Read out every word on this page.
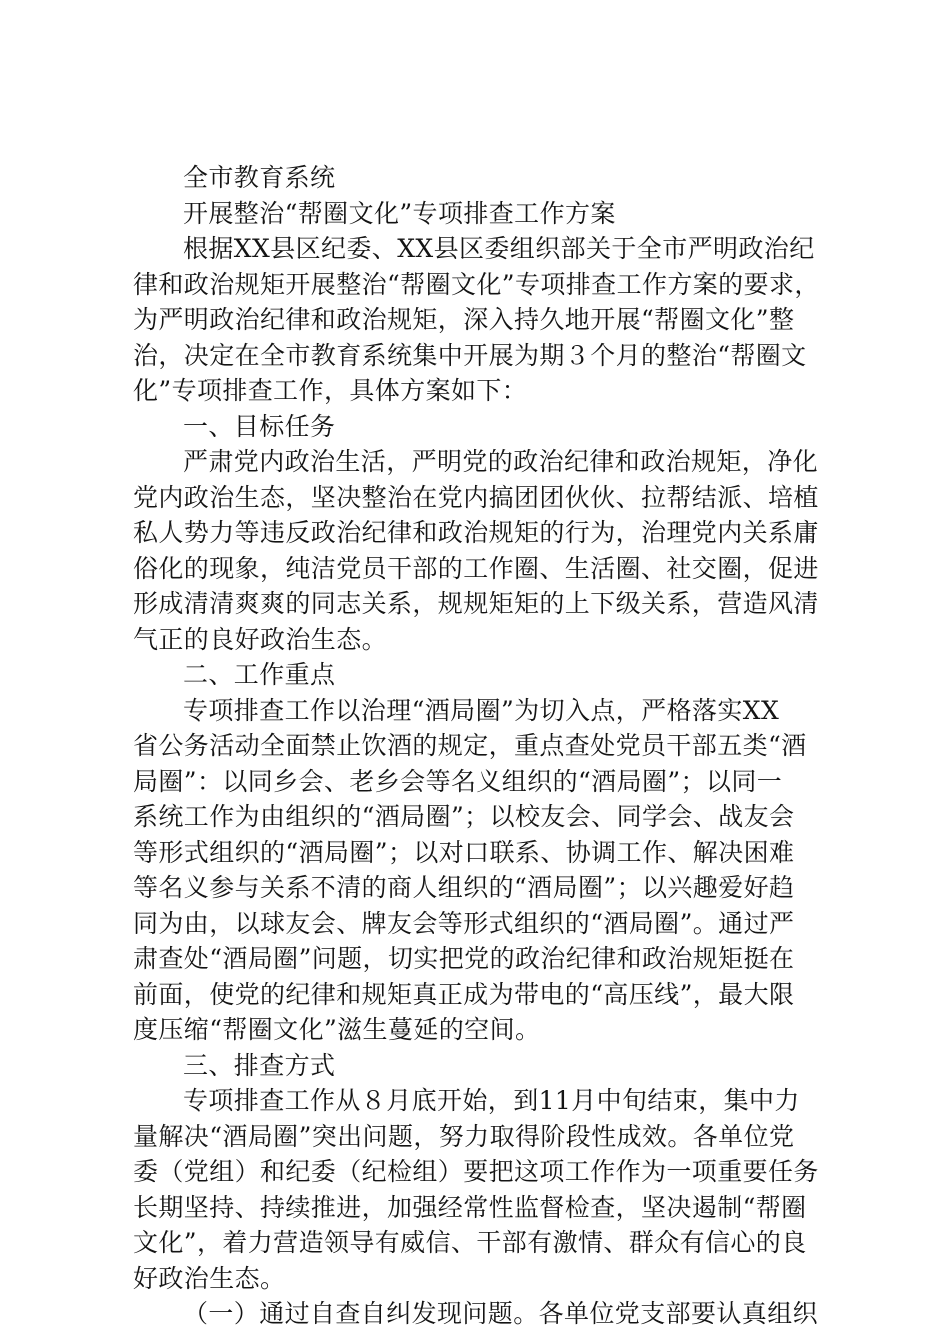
全市教育系统

开展整治“帮圈文化”专项排查工作方案

根据XX县区纪委、XX县区委组织部关于全市严明政治纪

律和政治规矩开展整治“帮圈文化”专项排查工作方案的要求，

为严明政治纪律和政治规矩，深入持久地开展“帮圈文化”整

治，决定在全市教育系统集中开展为期３个月的整治“帮圈文

化”专项排查工作，具体方案如下：

一、目标任务

严肃党内政治生活，严明党的政治纪律和政治规矩，净化

党内政治生态，坚决整治在党内搞团团伙伙、拉帮结派、培植

私人势力等违反政治纪律和政治规矩的行为，治理党内关系庸

俗化的现象，纯洁党员干部的工作圈、生活圈、社交圈，促进

形成清清爽爽的同志关系，规规矩矩的上下级关系，营造风清

气正的良好政治生态。

二、工作重点

专项排查工作以治理“酒局圈”为切入点，严格落实XX

省公务活动全面禁止饮酒的规定，重点查处党员干部五类“酒

局圈”：以同乡会、老乡会等名义组织的“酒局圈”；以同一

系统工作为由组织的“酒局圈”；以校友会、同学会、战友会

等形式组织的“酒局圈”；以对口联系、协调工作、解决困难

等名义参与关系不清的商人组织的“酒局圈”；以兴趣爱好趋

同为由，以球友会、牌友会等形式组织的“酒局圈”。通过严

肃查处“酒局圈”问题，切实把党的政治纪律和政治规矩挺在

前面，使党的纪律和规矩真正成为带电的“高压线”，最大限

度压缩“帮圈文化”滋生蔓延的空间。

三、排查方式

专项排查工作从８月底开始，到11月中旬结束，集中力

量解决“酒局圈”突出问题，努力取得阶段性成效。各单位党

委（党组）和纪委（纪检组）要把这项工作作为一项重要任务

长期坚持、持续推进，加强经常性监督检查，坚决遏制“帮圈

文化”，着力营造领导有威信、干部有激情、群众有信心的良

好政治生态。

（一）通过自查自纠发现问题。各单位党支部要认真组织
